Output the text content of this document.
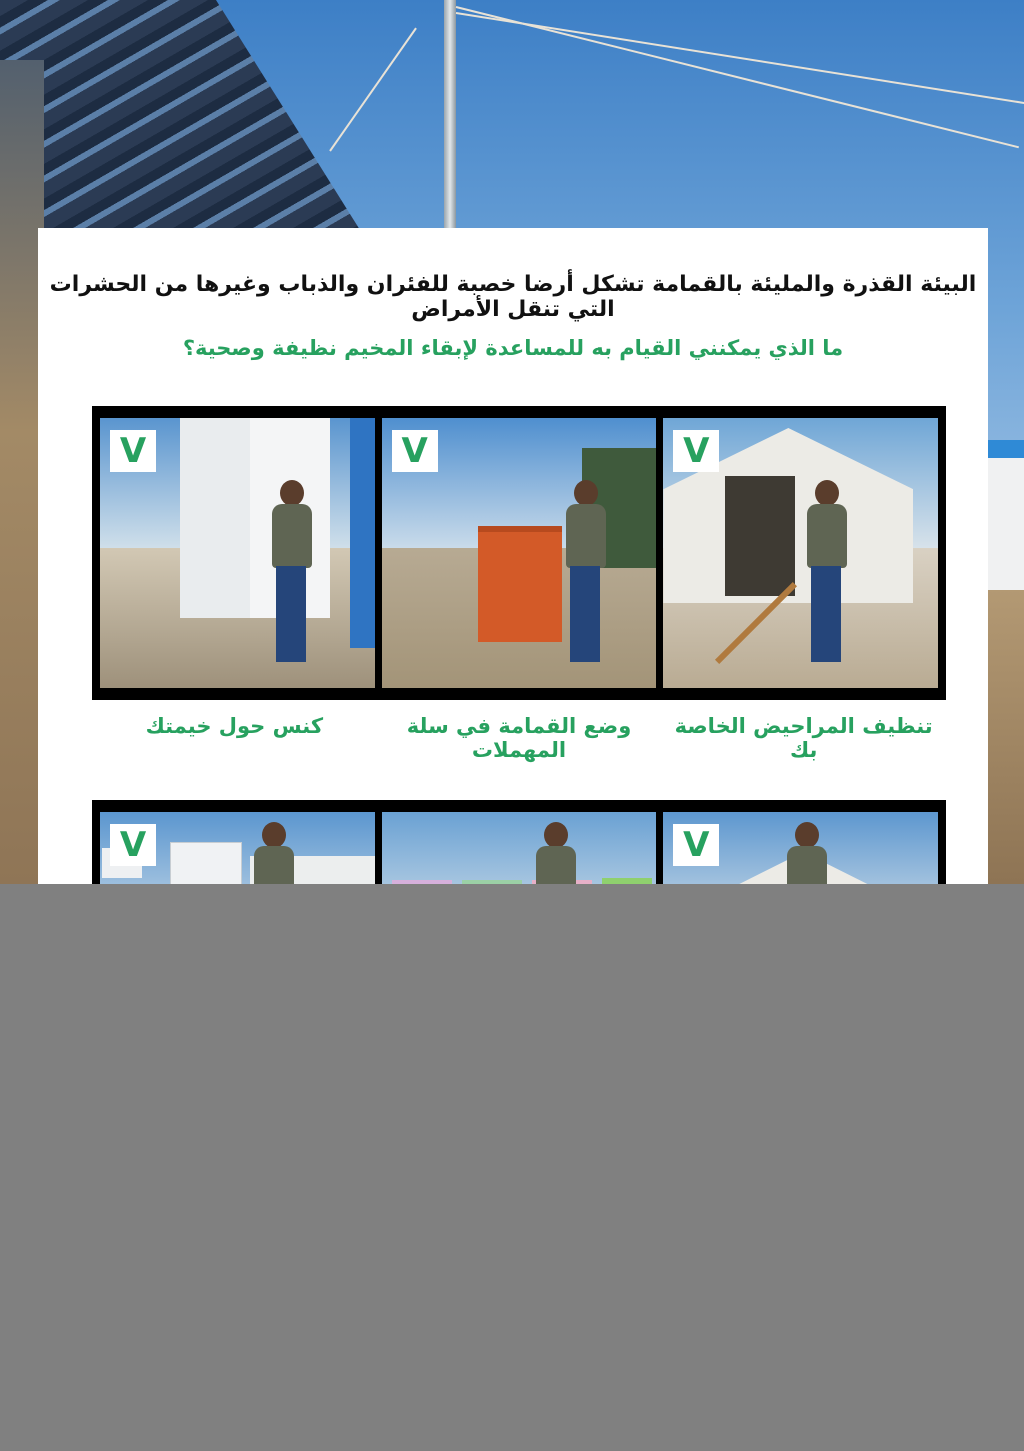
البيئة القذرة والمليئة بالقمامة تشكل أرضا خصبة للفئران والذباب وغيرها من الحشرات التي تنقل الأمراض

ما الذي يمكنني القيام به للمساعدة لإبقاء المخيم نظيفة وصحية؟

V
V
V

كنس حول خيمتك	وضع القمامة في سلة المهملات

تنظيف المراحيض الخاصة بك

V
V
